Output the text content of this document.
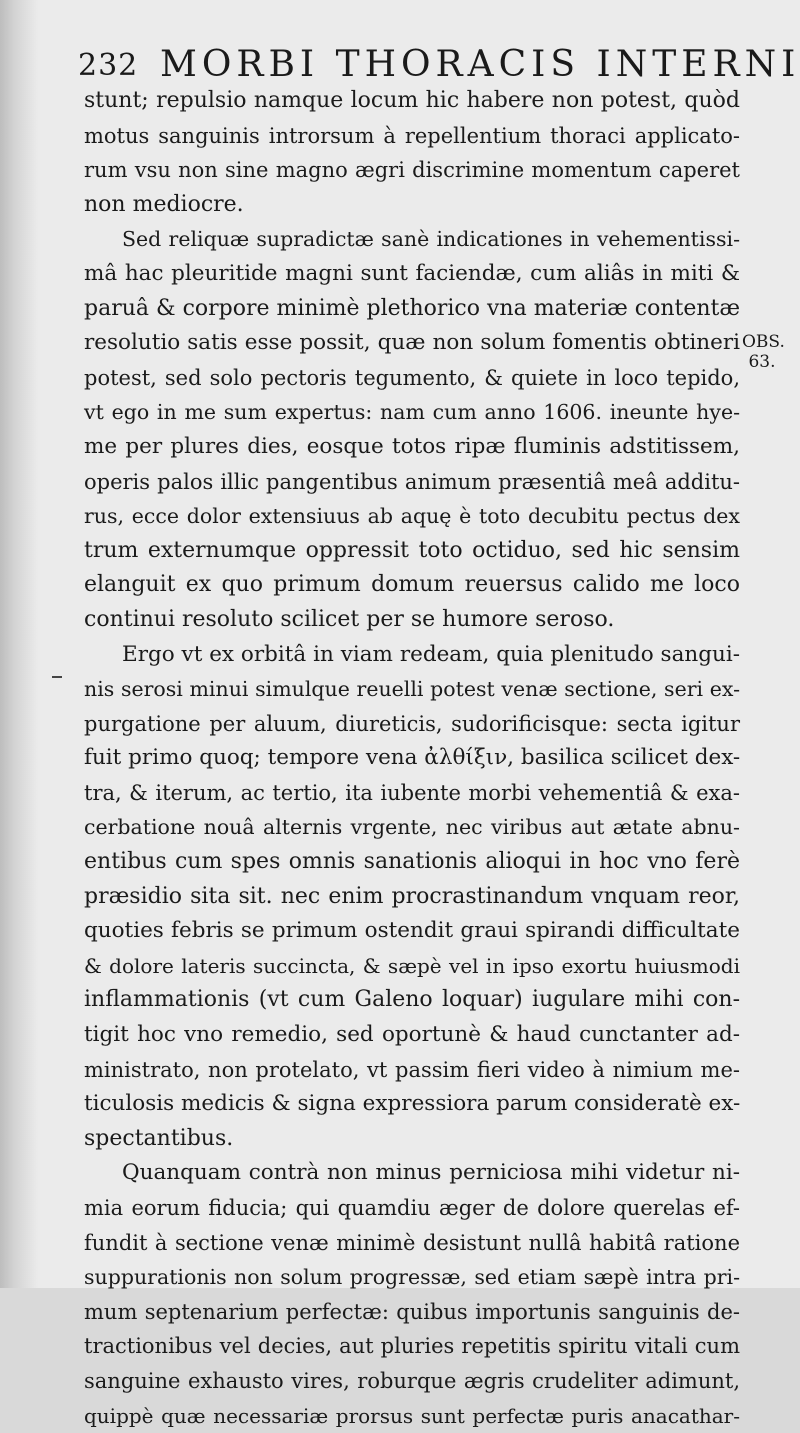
232 MORBI THORACIS INTERNI
OBS.
63.
stunt; repulsio namque locum hic habere non potest, quòd
motus sanguinis introrsum à repellentium thoraci applicato-
rum vsu non sine magno ægri discrimine momentum caperet
non mediocre.
Sed reliquæ supradictæ sanè indicationes in vehementissi-
mâ hac pleuritide magni sunt faciendæ, cum aliâs in miti &
paruâ & corpore minimè plethorico vna materiæ contentæ
resolutio satis esse possit, quæ non solum fomentis obtineri
potest, sed solo pectoris tegumento, & quiete in loco tepido,
vt ego in me sum expertus: nam cum anno 1606. ineunte hye-
me per plures dies, eosque totos ripæ fluminis adstitissem,
operis palos illic pangentibus animum præsentiâ meâ additu-
rus, ecce dolor extensiuus ab aquę è toto decubitu pectus dex
trum externumque oppressit toto octiduo, sed hic sensim
elanguit ex quo primum domum reuersus calido me loco
continui resoluto scilicet per se humore seroso.
Ergo vt ex orbitâ in viam redeam, quia plenitudo sangui-
nis serosi minui simulque reuelli potest venæ sectione, seri ex-
purgatione per aluum, diureticis, sudorificisque: secta igitur
fuit primo quoq; tempore vena ἀλθίξιν, basilica scilicet dex-
tra, & iterum, ac tertio, ita iubente morbi vehementiâ & exa-
cerbatione nouâ alternis vrgente, nec viribus aut ætate abnu-
entibus cum spes omnis sanationis alioqui in hoc vno ferè
præsidio sita sit. nec enim procrastinandum vnquam reor,
quoties febris se primum ostendit graui spirandi difficultate
& dolore lateris succincta, & sæpè vel in ipso exortu huiusmodi
inflammationis (vt cum Galeno loquar) iugulare mihi con-
tigit hoc vno remedio, sed oportunè & haud cunctanter ad-
ministrato, non protelato, vt passim fieri video à nimium me-
ticulosis medicis & signa expressiora parum consideratè ex-
spectantibus.
Quanquam contrà non minus perniciosa mihi videtur ni-
mia eorum fiducia; qui quamdiu æger de dolore querelas ef-
fundit à sectione venæ minimè desistunt nullâ habitâ ratione
suppurationis non solum progressæ, sed etiam sæpè intra pri-
mum septenarium perfectæ: quibus importunis sanguinis de-
tractionibus vel decies, aut pluries repetitis spiritu vitali cum
sanguine exhausto vires, roburque ægris crudeliter adimunt,
quippè quæ necessariæ prorsus sunt perfectæ puris anacathar-
